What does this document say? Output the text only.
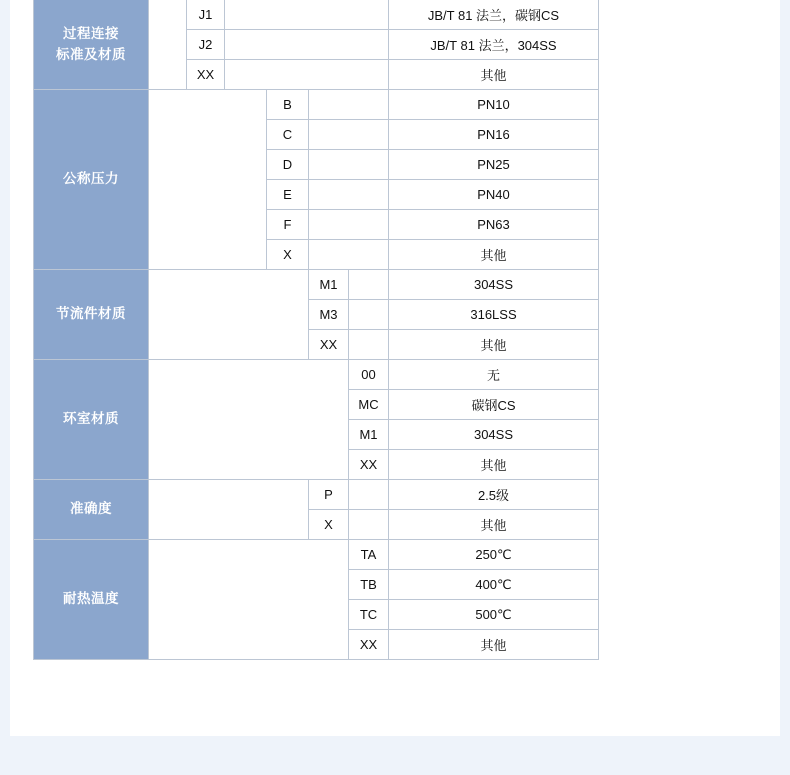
过程连接
标准及材质		J1					JB/T 81 法兰，碳钢CS
		J2					JB/T 81 法兰，304SS
		XX					其他
公称压力				B			PN10
				C			PN16
				D			PN25
				E			PN40
				F			PN63
				X			其他
节流件材质					M1		304SS
					M3		316LSS
					XX		其他
环室材质						00	无
						MC	碳钢CS
						M1	304SS
						XX	其他
准确度					P		2.5级
					X		其他
耐热温度						TA	250℃
						TB	400℃
						TC	500℃
						XX	其他
